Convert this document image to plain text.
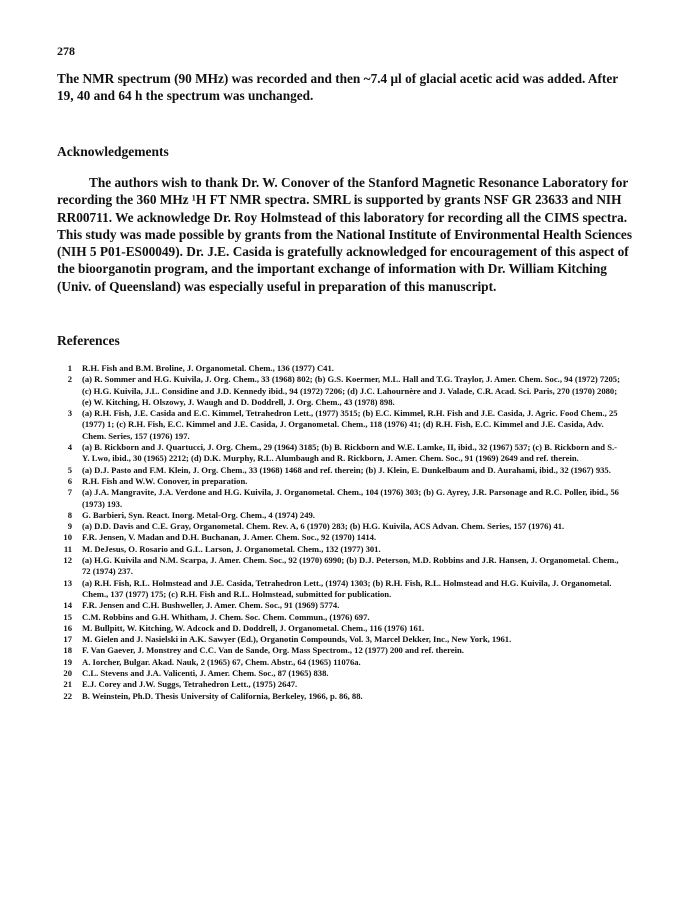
278

The NMR spectrum (90 MHz) was recorded and then ~7.4 μl of glacial acetic acid was added. After 19, 40 and 64 h the spectrum was unchanged.

Acknowledgements

The authors wish to thank Dr. W. Conover of the Stanford Magnetic Resonance Laboratory for recording the 360 MHz ¹H FT NMR spectra. SMRL is supported by grants NSF GR 23633 and NIH RR00711. We acknowledge Dr. Roy Holmstead of this laboratory for recording all the CIMS spectra. This study was made possible by grants from the National Institute of Environmental Health Sciences (NIH 5 P01-ES00049). Dr. J.E. Casida is gratefully acknowledged for encouragement of this aspect of the bioorganotin program, and the important exchange of information with Dr. William Kitching (Univ. of Queensland) was especially useful in preparation of this manuscript.

References
1 R.H. Fish and B.M. Broline, J. Organometal. Chem., 136 (1977) C41.
2 (a) R. Sommer and H.G. Kuivila, J. Org. Chem., 33 (1968) 802; (b) G.S. Koermer, M.L. Hall and T.G. Traylor, J. Amer. Chem. Soc., 94 (1972) 7205; (c) H.G. Kuivila, J.L. Considine and J.D. Kennedy ibid., 94 (1972) 7206; (d) J.C. Lahournère and J. Valade, C.R. Acad. Sci. Paris, 270 (1970) 2080; (e) W. Kitching, H. Olszowy, J. Waugh and D. Doddrell, J. Org. Chem., 43 (1978) 898.
3 (a) R.H. Fish, J.E. Casida and E.C. Kimmel, Tetrahedron Lett., (1977) 3515; (b) E.C. Kimmel, R.H. Fish and J.E. Casida, J. Agric. Food Chem., 25 (1977) 1; (c) R.H. Fish, E.C. Kimmel and J.E. Casida, J. Organometal. Chem., 118 (1976) 41; (d) R.H. Fish, E.C. Kimmel and J.E. Casida, Adv. Chem. Series, 157 (1976) 197.
4 (a) B. Rickborn and J. Quartucci, J. Org. Chem., 29 (1964) 3185; (b) B. Rickborn and W.E. Lamke, II, ibid., 32 (1967) 537; (c) B. Rickborn and S.-Y. Lwo, ibid., 30 (1965) 2212; (d) D.K. Murphy, R.L. Alumbaugh and R. Rickborn, J. Amer. Chem. Soc., 91 (1969) 2649 and ref. therein.
5 (a) D.J. Pasto and F.M. Klein, J. Org. Chem., 33 (1968) 1468 and ref. therein; (b) J. Klein, E. Dunkelbaum and D. Aurahami, ibid., 32 (1967) 935.
6 R.H. Fish and W.W. Conover, in preparation.
7 (a) J.A. Mangravite, J.A. Verdone and H.G. Kuivila, J. Organometal. Chem., 104 (1976) 303; (b) G. Ayrey, J.R. Parsonage and R.C. Poller, ibid., 56 (1973) 193.
8 G. Barbieri, Syn. React. Inorg. Metal-Org. Chem., 4 (1974) 249.
9 (a) D.D. Davis and C.E. Gray, Organometal. Chem. Rev. A, 6 (1970) 283; (b) H.G. Kuivila, ACS Advan. Chem. Series, 157 (1976) 41.
10 F.R. Jensen, V. Madan and D.H. Buchanan, J. Amer. Chem. Soc., 92 (1970) 1414.
11 M. DeJesus, O. Rosario and G.L. Larson, J. Organometal. Chem., 132 (1977) 301.
12 (a) H.G. Kuivila and N.M. Scarpa, J. Amer. Chem. Soc., 92 (1970) 6990; (b) D.J. Peterson, M.D. Robbins and J.R. Hansen, J. Organometal. Chem., 72 (1974) 237.
13 (a) R.H. Fish, R.L. Holmstead and J.E. Casida, Tetrahedron Lett., (1974) 1303; (b) R.H. Fish, R.L. Holmstead and H.G. Kuivila, J. Organometal. Chem., 137 (1977) 175; (c) R.H. Fish and R.L. Holmstead, submitted for publication.
14 F.R. Jensen and C.H. Bushweller, J. Amer. Chem. Soc., 91 (1969) 5774.
15 C.M. Robbins and G.H. Whitham, J. Chem. Soc. Chem. Commun., (1976) 697.
16 M. Bullpitt, W. Kitching, W. Adcock and D. Doddrell, J. Organometal. Chem., 116 (1976) 161.
17 M. Gielen and J. Nasielski in A.K. Sawyer (Ed.), Organotin Compounds, Vol. 3, Marcel Dekker, Inc., New York, 1961.
18 F. Van Gaever, J. Monstrey and C.C. Van de Sande, Org. Mass Spectrom., 12 (1977) 200 and ref. therein.
19 A. Iorcher, Bulgar. Akad. Nauk, 2 (1965) 67, Chem. Abstr., 64 (1965) 11076a.
20 C.L. Stevens and J.A. Valicenti, J. Amer. Chem. Soc., 87 (1965) 838.
21 E.J. Corey and J.W. Suggs, Tetrahedron Lett., (1975) 2647.
22 B. Weinstein, Ph.D. Thesis University of California, Berkeley, 1966, p. 86, 88.
